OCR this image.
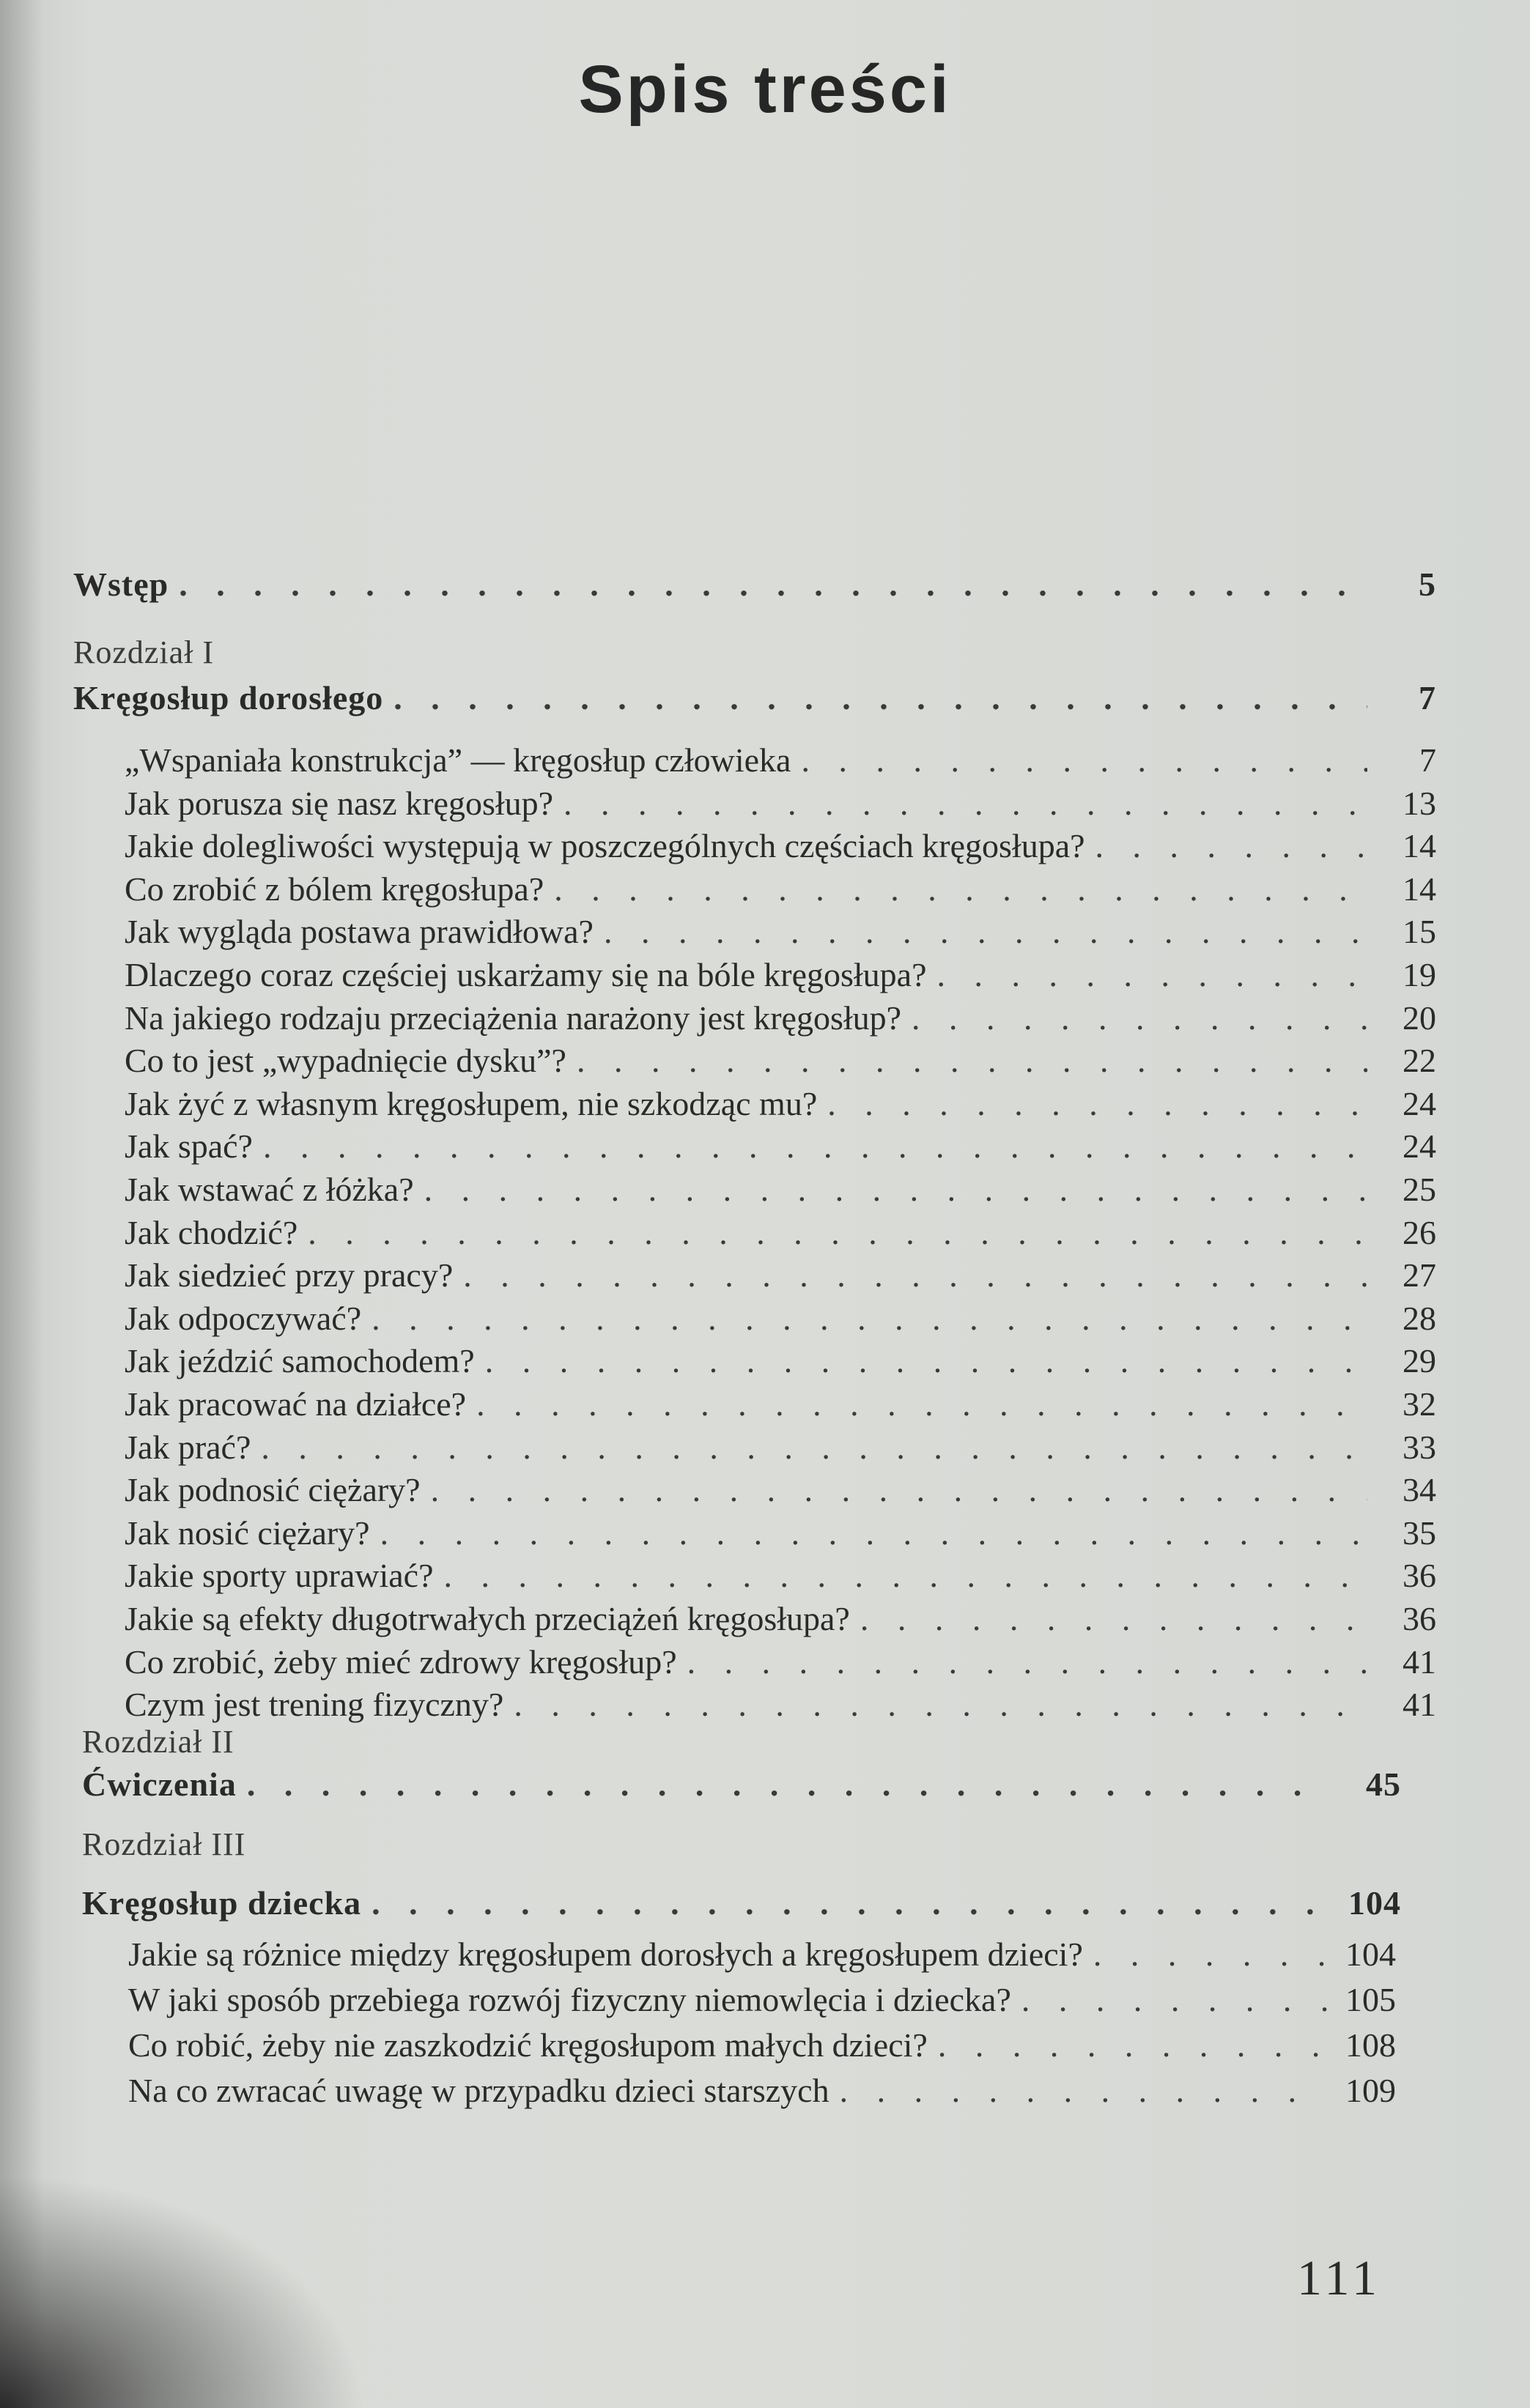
Spis treści
Wstęp . . .	5
Rozdział I
Kręgosłup dorosłego . . .	7
„Wspaniała konstrukcja” — kręgosłup człowieka . . .	7
Jak porusza się nasz kręgosłup? . . .	13
Jakie dolegliwości występują w poszczególnych częściach kręgosłupa? . . .	14
Co zrobić z bólem kręgosłupa? . . .	14
Jak wygląda postawa prawidłowa? . . .	15
Dlaczego coraz częściej uskarżamy się na bóle kręgosłupa? . . .	19
Na jakiego rodzaju przeciążenia narażony jest kręgosłup? . . .	20
Co to jest „wypadnięcie dysku”? . . .	22
Jak żyć z własnym kręgosłupem, nie szkodząc mu? . . .	24
Jak spać? . . .	24
Jak wstawać z łóżka? . . .	25
Jak chodzić? . . .	26
Jak siedzieć przy pracy? . . .	27
Jak odpoczywać? . . .	28
Jak jeździć samochodem? . . .	29
Jak pracować na działce? . . .	32
Jak prać? . . .	33
Jak podnosić ciężary? . . .	34
Jak nosić ciężary? . . .	35
Jakie sporty uprawiać? . . .	36
Jakie są efekty długotrwałych przeciążeń kręgosłupa? . . .	36
Co zrobić, żeby mieć zdrowy kręgosłup? . . .	41
Czym jest trening fizyczny? . . .	41
Rozdział II
Ćwiczenia . . .	45
Rozdział III
Kręgosłup dziecka . . .	104
Jakie są różnice między kręgosłupem dorosłych a kręgosłupem dzieci? . . .	104
W jaki sposób przebiega rozwój fizyczny niemowlęcia i dziecka? . . .	105
Co robić, żeby nie zaszkodzić kręgosłupom małych dzieci? . . .	108
Na co zwracać uwagę w przypadku dzieci starszych . . .	109
111
